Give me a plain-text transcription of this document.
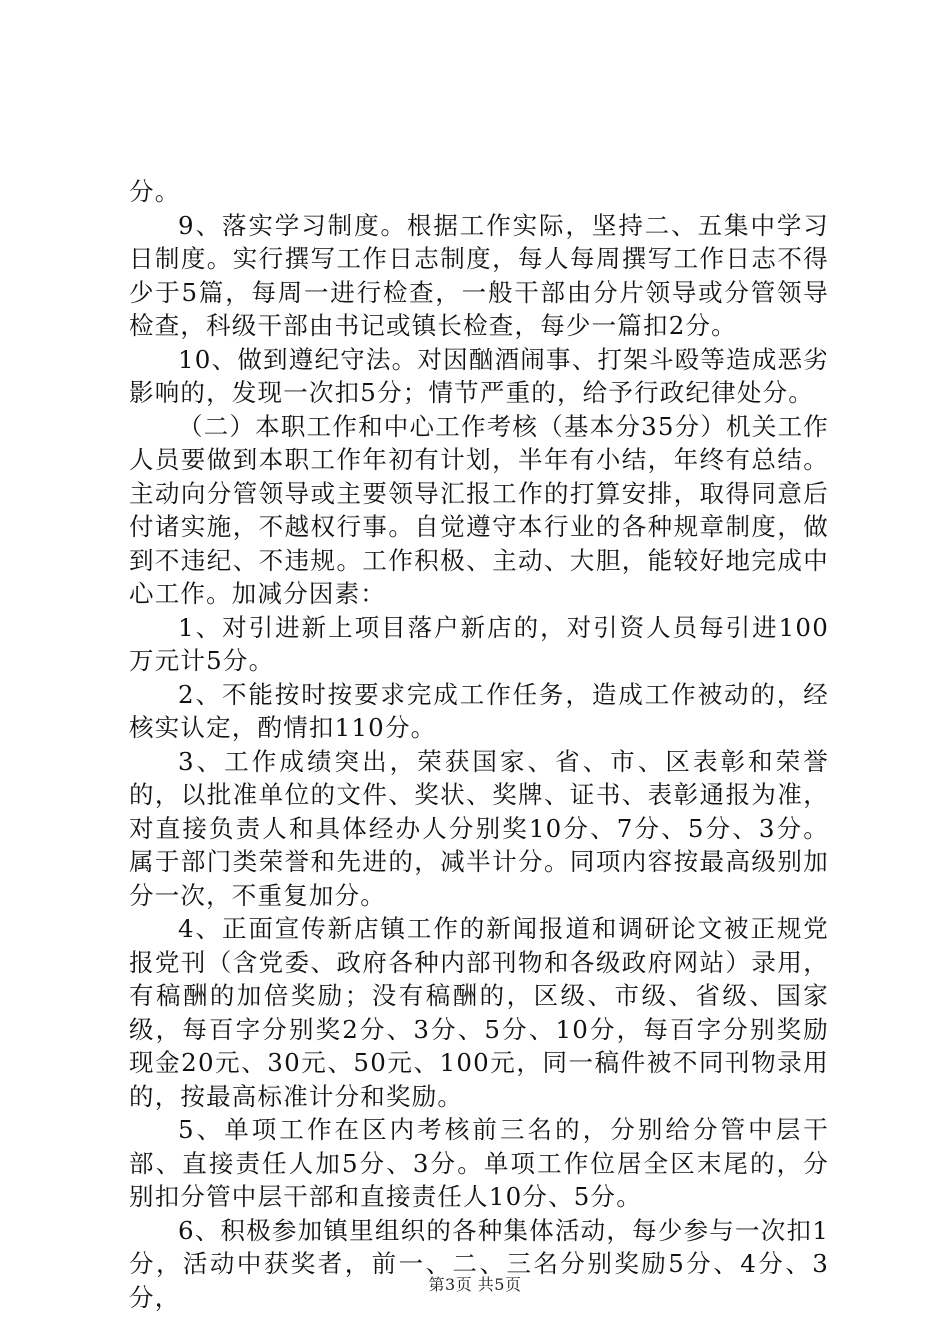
分。

9、落实学习制度。根据工作实际，坚持二、五集中学习日制度。实行撰写工作日志制度，每人每周撰写工作日志不得少于5篇，每周一进行检查，一般干部由分片领导或分管领导检查，科级干部由书记或镇长检查，每少一篇扣2分。

10、做到遵纪守法。对因酗酒闹事、打架斗殴等造成恶劣影响的，发现一次扣5分；情节严重的，给予行政纪律处分。

（二）本职工作和中心工作考核（基本分35分）机关工作人员要做到本职工作年初有计划，半年有小结，年终有总结。主动向分管领导或主要领导汇报工作的打算安排，取得同意后付诸实施，不越权行事。自觉遵守本行业的各种规章制度，做到不违纪、不违规。工作积极、主动、大胆，能较好地完成中心工作。加减分因素：

1、对引进新上项目落户新店的，对引资人员每引进100万元计5分。

2、不能按时按要求完成工作任务，造成工作被动的，经核实认定，酌情扣110分。

3、工作成绩突出，荣获国家、省、市、区表彰和荣誉的，以批准单位的文件、奖状、奖牌、证书、表彰通报为准，对直接负责人和具体经办人分别奖10分、7分、5分、3分。属于部门类荣誉和先进的，减半计分。同项内容按最高级别加分一次，不重复加分。

4、正面宣传新店镇工作的新闻报道和调研论文被正规党报党刊（含党委、政府各种内部刊物和各级政府网站）录用，有稿酬的加倍奖励；没有稿酬的，区级、市级、省级、国家级，每百字分别奖2分、3分、5分、10分，每百字分别奖励现金20元、30元、50元、100元，同一稿件被不同刊物录用的，按最高标准计分和奖励。

5、单项工作在区内考核前三名的，分别给分管中层干部、直接责任人加5分、3分。单项工作位居全区末尾的，分别扣分管中层干部和直接责任人10分、5分。

6、积极参加镇里组织的各种集体活动，每少参与一次扣1分，活动中获奖者，前一、二、三名分别奖励5分、4分、3分，	第3页 共5页
